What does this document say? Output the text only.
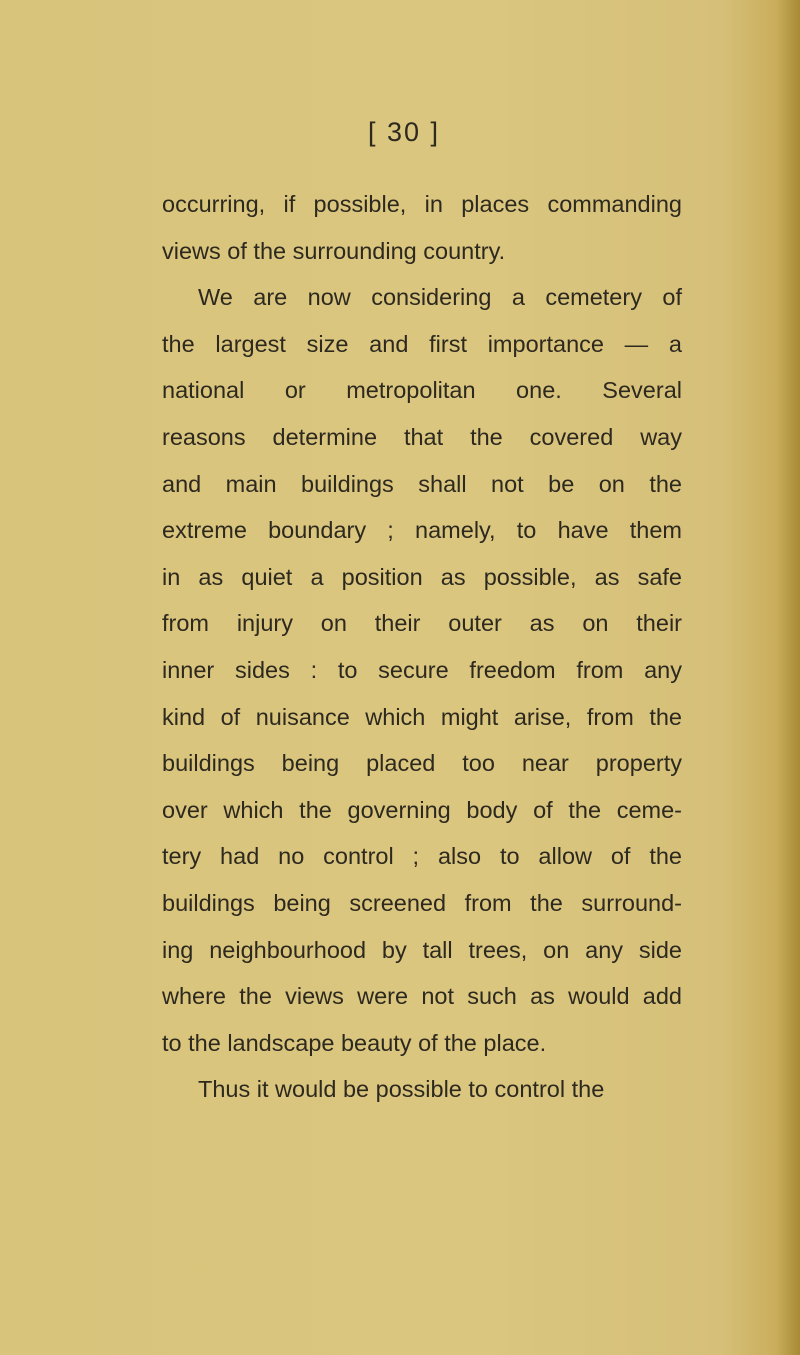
[ 30 ]
occurring, if possible, in places commanding
views of the surrounding country.
We are now considering a cemetery of
the largest size and first importance — a
national or metropolitan one. Several
reasons determine that the covered way
and main buildings shall not be on the
extreme boundary ; namely, to have them
in as quiet a position as possible, as safe
from injury on their outer as on their
inner sides : to secure freedom from any
kind of nuisance which might arise, from the
buildings being placed too near property
over which the governing body of the ceme-
tery had no control ; also to allow of the
buildings being screened from the surround-
ing neighbourhood by tall trees, on any side
where the views were not such as would add
to the landscape beauty of the place.
Thus it would be possible to control the
